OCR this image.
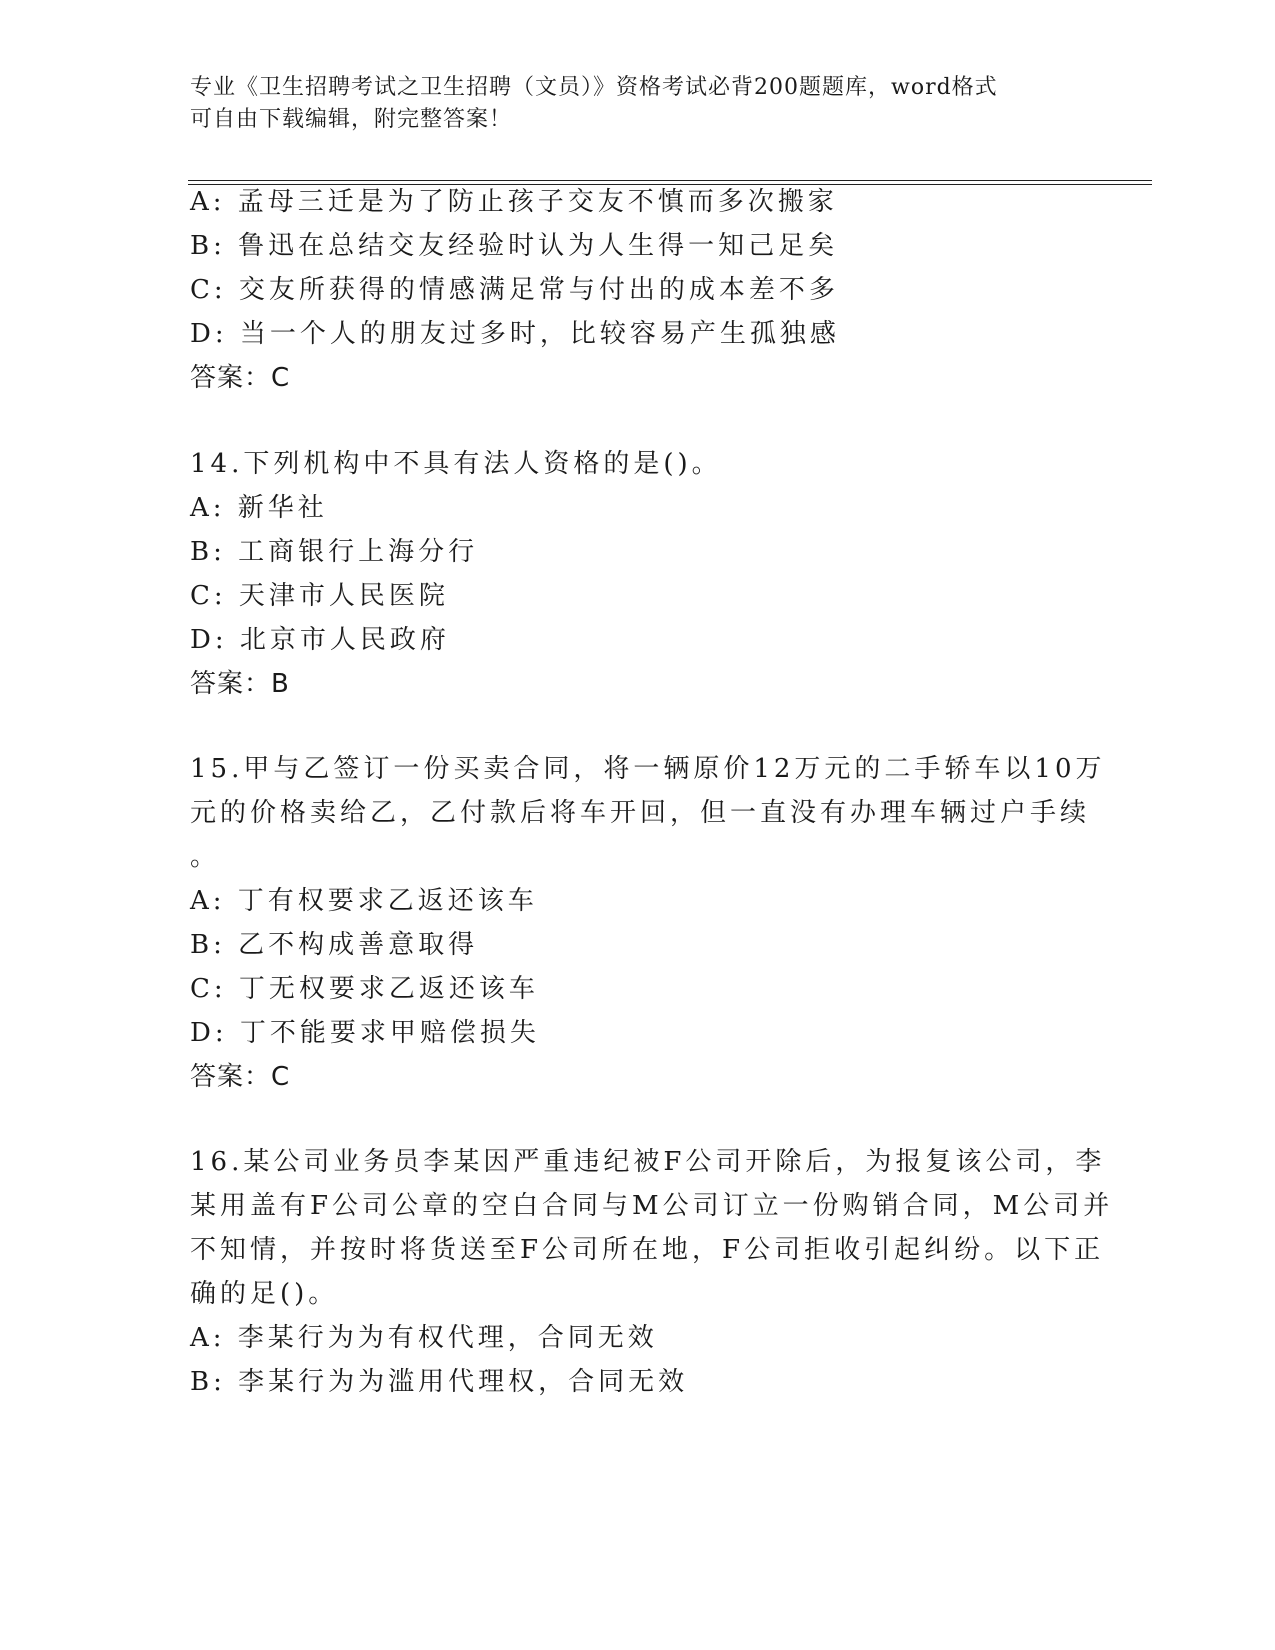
专业《卫生招聘考试之卫生招聘（文员）》资格考试必背200题题库，word格式
可自由下载编辑，附完整答案！
A: 孟母三迁是为了防止孩子交友不慎而多次搬家
B: 鲁迅在总结交友经验时认为人生得一知己足矣
C: 交友所获得的情感满足常与付出的成本差不多
D: 当一个人的朋友过多时，比较容易产生孤独感
答案：C
14.下列机构中不具有法人资格的是()。
A: 新华社
B: 工商银行上海分行
C: 天津市人民医院
D: 北京市人民政府
答案：B
15.甲与乙签订一份买卖合同，将一辆原价12万元的二手轿车以10万
元的价格卖给乙，乙付款后将车开回，但一直没有办理车辆过户手续
。
A: 丁有权要求乙返还该车
B: 乙不构成善意取得
C: 丁无权要求乙返还该车
D: 丁不能要求甲赔偿损失
答案：C
16.某公司业务员李某因严重违纪被F公司开除后，为报复该公司，李
某用盖有F公司公章的空白合同与M公司订立一份购销合同，M公司并
不知情，并按时将货送至F公司所在地，F公司拒收引起纠纷。以下正
确的足()。
A: 李某行为为有权代理，合同无效
B: 李某行为为滥用代理权，合同无效
